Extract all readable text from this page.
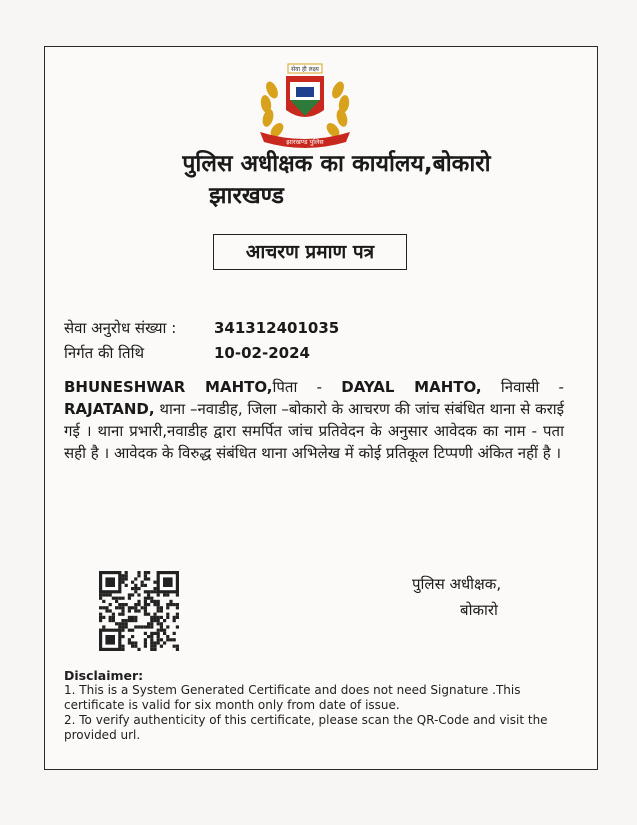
सेवा ही लक्ष्य
झारखण्ड पुलिस
पुलिस अधीक्षक का कार्यालय,बोकारो
झारखण्ड
आचरण प्रमाण पत्र
सेवा अनुरोध संख्या :	341312401035
निर्गत की तिथि	10-02-2024
BHUNESHWAR MAHTO,पिता - DAYAL MAHTO, निवासी - RAJATAND, थाना –नवाडीह, जिला –बोकारो के आचरण की जांच संबंधित थाना से कराई गई । थाना प्रभारी,नवाडीह द्वारा समर्पित जांच प्रतिवेदन के अनुसार आवेदक का नाम - पता सही है । आवेदक के विरुद्ध संबंधित थाना अभिलेख में कोई प्रतिकूल टिप्पणी अंकित नहीं है ।
पुलिस अधीक्षक,
बोकारो
Disclaimer:
1. This is a System Generated Certificate and does not need Signature .This certificate is valid for six month only from date of issue.
2. To verify authenticity of this certificate, please scan the QR-Code and visit the provided url.
